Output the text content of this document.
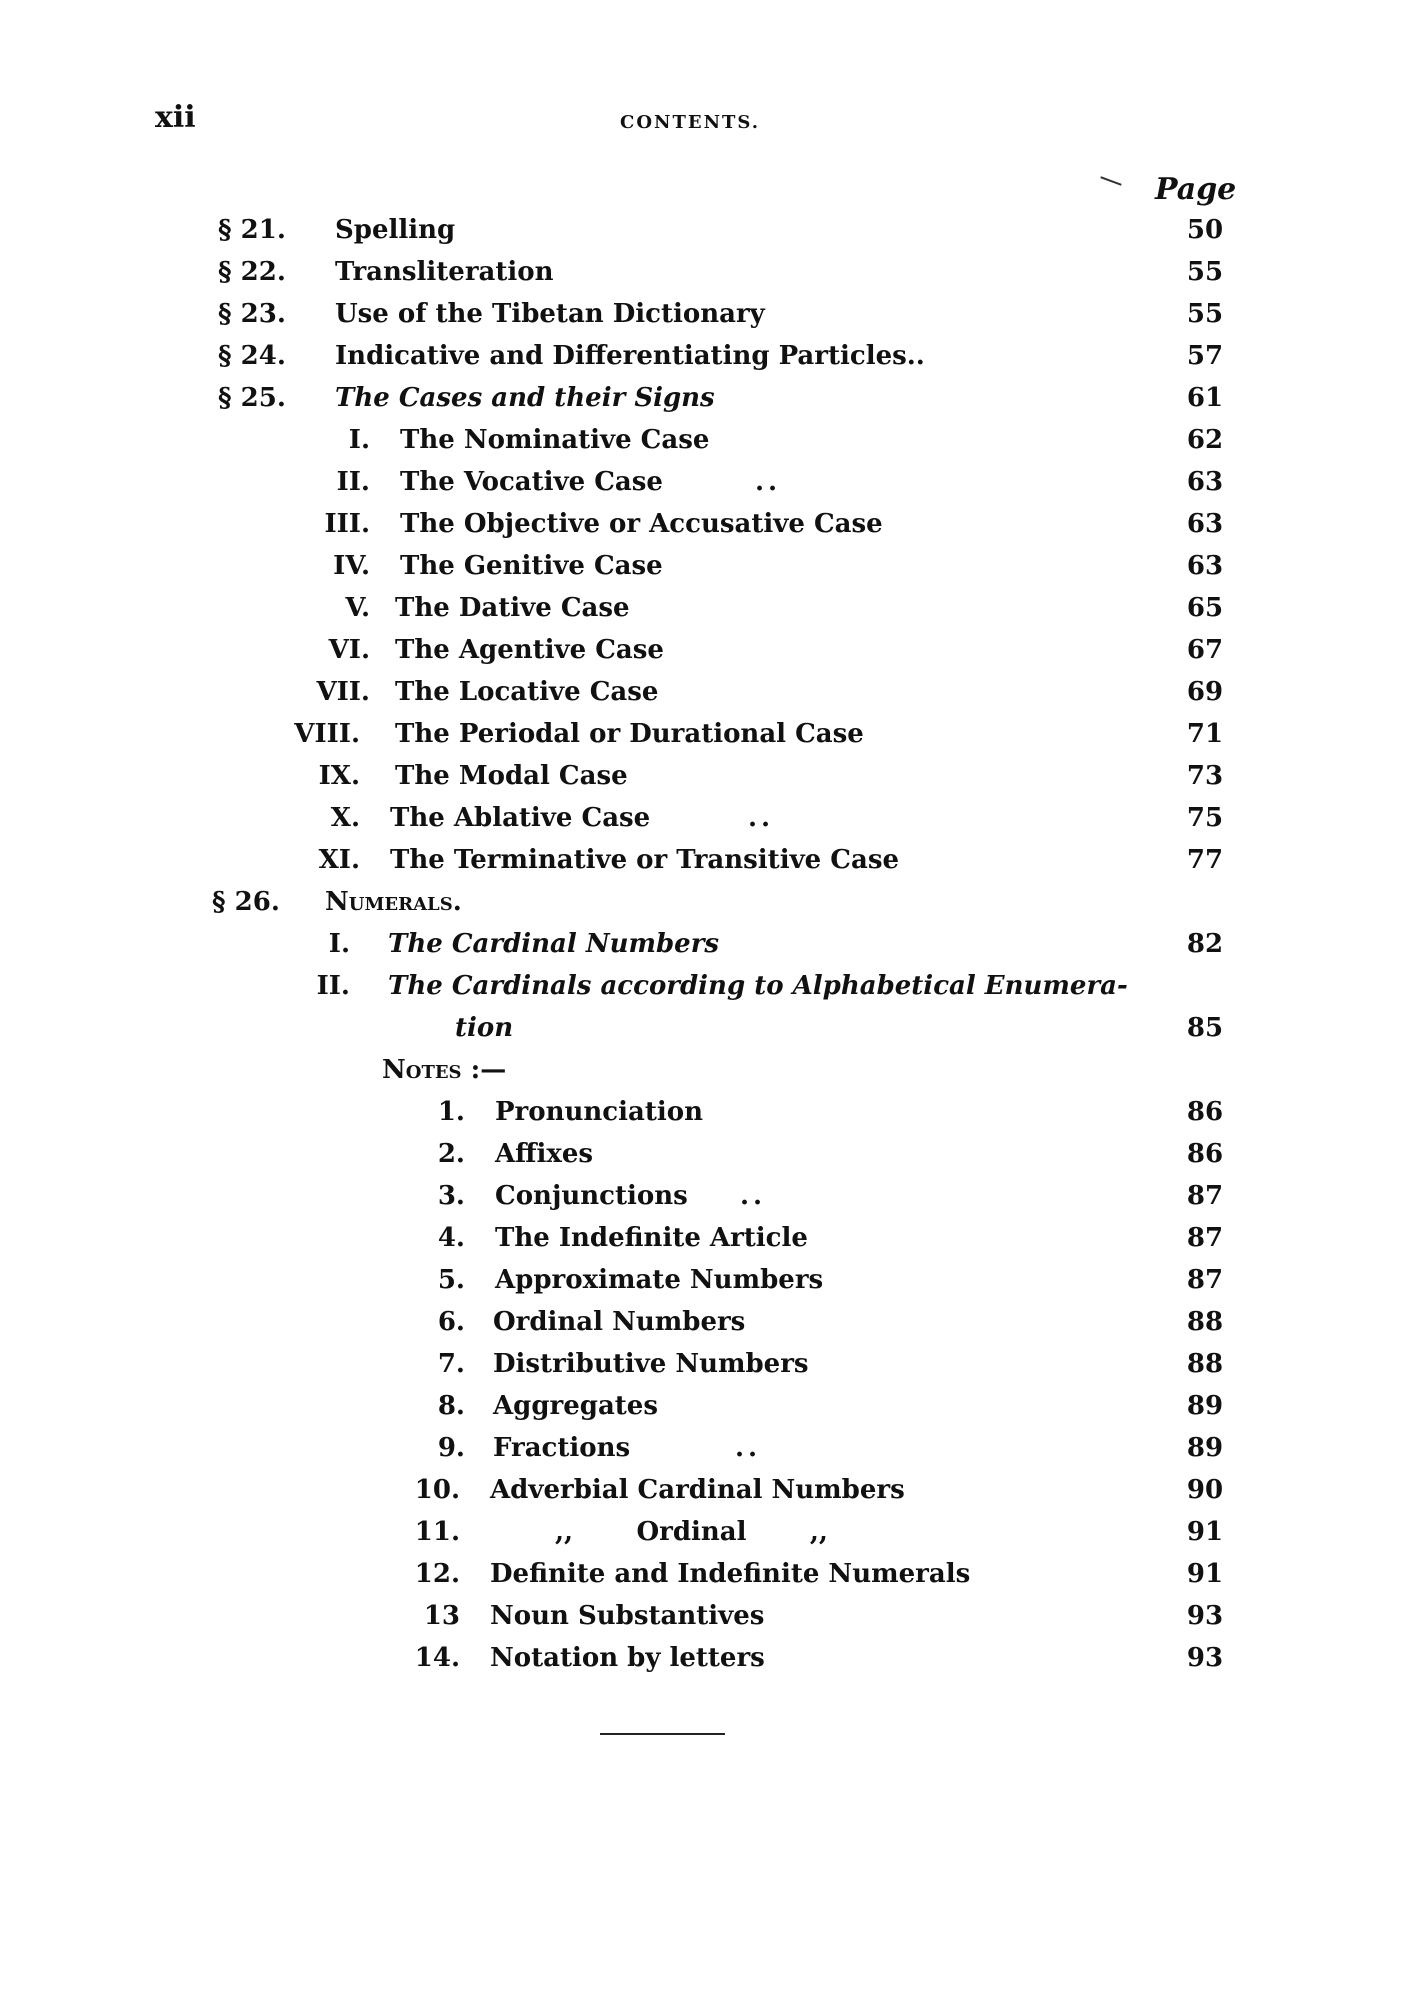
xii	CONTENTS.
Page
§ 21.	Spelling	50
§ 22.	Transliteration	55
§ 23.	Use of the Tibetan Dictionary	55
§ 24.	Indicative and Differentiating Particles..	57
§ 25.	The Cases and their Signs	61
I. The Nominative Case	62
II. The Vocative Case	..	63
III. The Objective or Accusative Case	63
IV. The Genitive Case	63
V. The Dative Case	65
VI. The Agentive Case	67
VII. The Locative Case	69
VIII. The Periodal or Durational Case	71
IX. The Modal Case	73
X. The Ablative Case	..	75
XI. The Terminative or Transitive Case	77
§ 26.	Numerals.
I. The Cardinal Numbers	82
II. The Cardinals according to Alphabetical Enumera-
tion	85
Notes :—
1. Pronunciation	86
2. Affixes	86
3. Conjunctions ..	87
4. The Indefinite Article	87
5. Approximate Numbers	87
6. Ordinal Numbers	88
7. Distributive Numbers	88
8. Aggregates	89
9. Fractions	..	89
10. Adverbial Cardinal Numbers	90
11.	,,       Ordinal       ,,	91
12. Definite and Indefinite Numerals	91
13 Noun Substantives	93
14. Notation by letters	93
